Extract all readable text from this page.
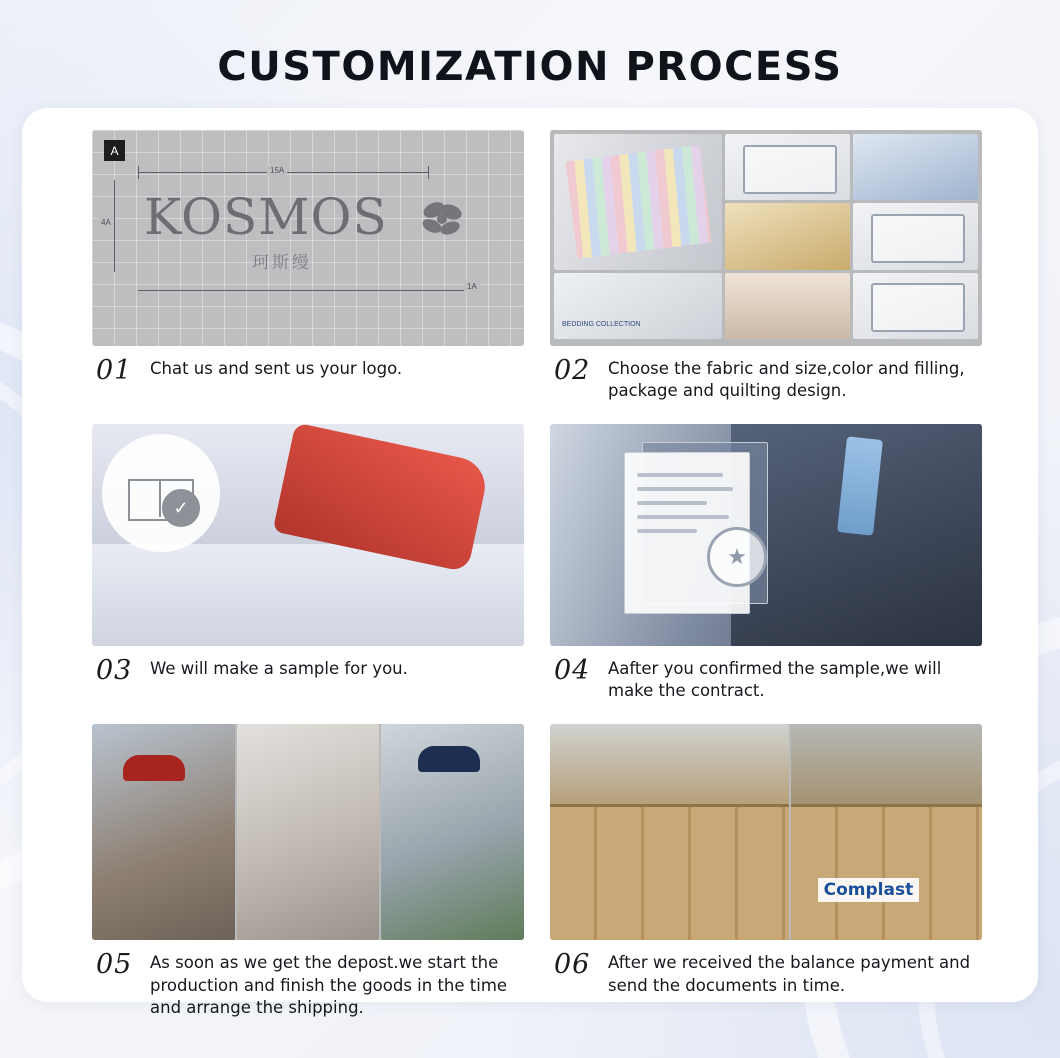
CUSTOMIZATION PROCESS
A
15A
4A
1A
KOSMOS
珂斯缦
01	Chat us and sent us your logo.
BEDDING COLLECTION
02	Choose the fabric and size,color and filling, package and quilting design.
✓
03	We will make a sample for you.
★
04	Aafter you confirmed the sample,we will make the contract.
05	As soon as we get the depost.we start the production and finish the goods in the time and arrange the shipping.
Complast
06	After we received the balance payment and send the documents in time.
